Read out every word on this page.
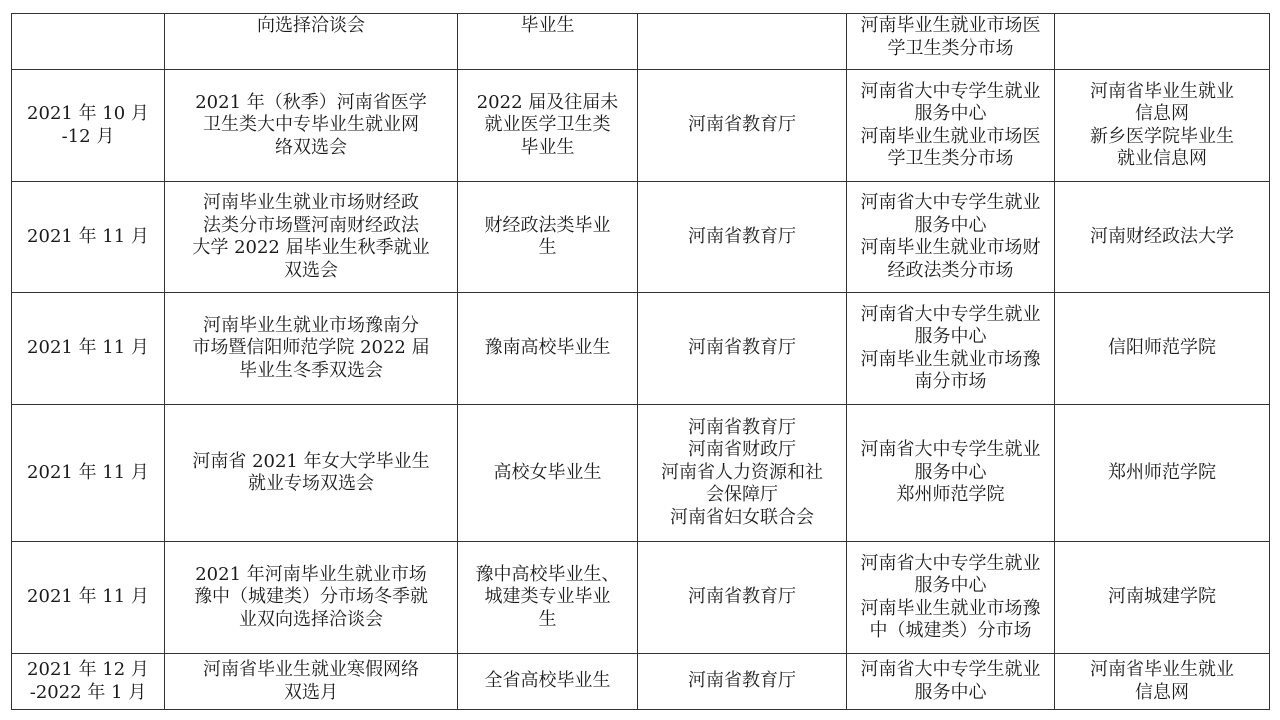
	向选择洽谈会	毕业生		河南毕业生就业市场医
学卫生类分市场	

2021 年 10 月
-12 月	2021 年（秋季）河南省医学
卫生类大中专毕业生就业网
络双选会	2022 届及往届未
就业医学卫生类
毕业生	河南省教育厅	河南省大中专学生就业
服务中心
河南毕业生就业市场医
学卫生类分市场	河南省毕业生就业
信息网
新乡医学院毕业生
就业信息网

2021 年 11 月	河南毕业生就业市场财经政
法类分市场暨河南财经政法
大学 2022 届毕业生秋季就业
双选会	财经政法类毕业
生	河南省教育厅	河南省大中专学生就业
服务中心
河南毕业生就业市场财
经政法类分市场	河南财经政法大学

2021 年 11 月	河南毕业生就业市场豫南分
市场暨信阳师范学院 2022 届
毕业生冬季双选会	豫南高校毕业生	河南省教育厅	河南省大中专学生就业
服务中心
河南毕业生就业市场豫
南分市场	信阳师范学院

2021 年 11 月	河南省 2021 年女大学毕业生
就业专场双选会	高校女毕业生	河南省教育厅
河南省财政厅
河南省人力资源和社
会保障厅
河南省妇女联合会	河南省大中专学生就业
服务中心
郑州师范学院	郑州师范学院

2021 年 11 月	2021 年河南毕业生就业市场
豫中（城建类）分市场冬季就
业双向选择洽谈会	豫中高校毕业生、
城建类专业毕业
生	河南省教育厅	河南省大中专学生就业
服务中心
河南毕业生就业市场豫
中（城建类）分市场	河南城建学院

2021 年 12 月
-2022 年 1 月	河南省毕业生就业寒假网络
双选月	全省高校毕业生	河南省教育厅	河南省大中专学生就业
服务中心	河南省毕业生就业
信息网
